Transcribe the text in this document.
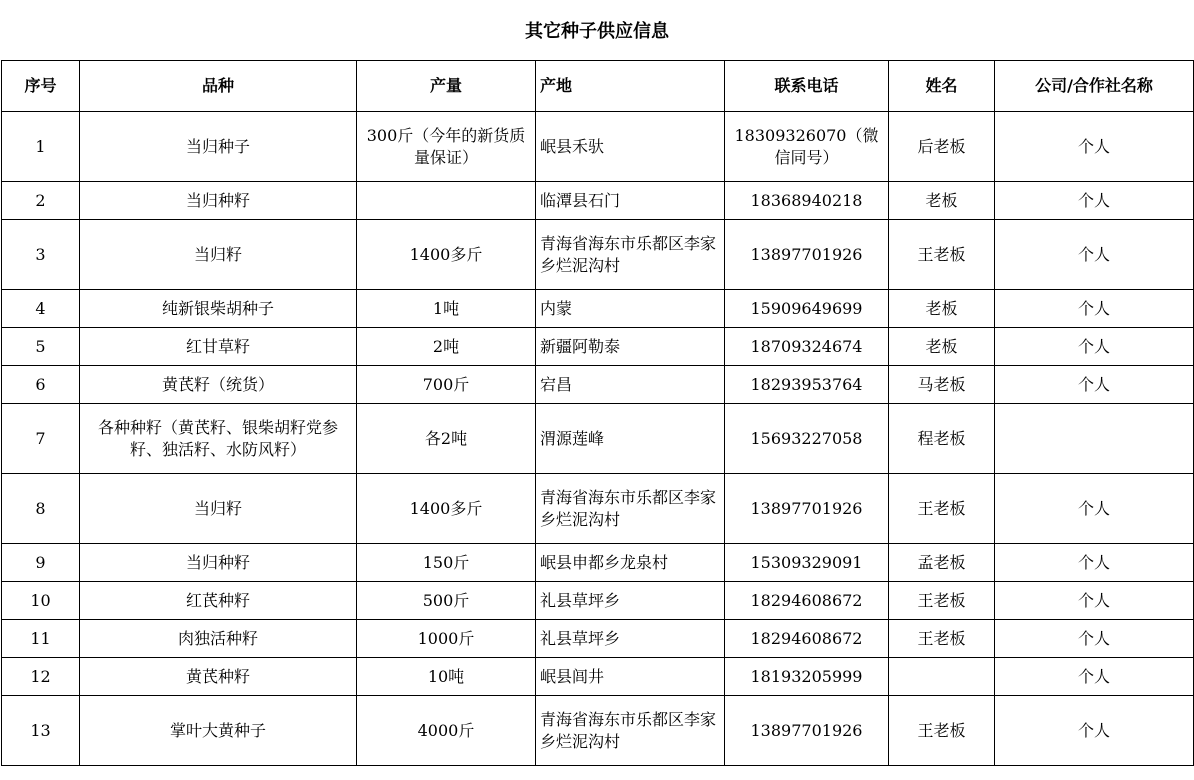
其它种子供应信息
序号	品种	产量	产地	联系电话	姓名	公司/合作社名称
1	当归种子	300斤（今年的新货质量保证）	岷县禾驮	18309326070（微信同号）	后老板	个人
2	当归种籽		临潭县石门	18368940218	老板	个人
3	当归籽	1400多斤	青海省海东市乐都区李家乡烂泥沟村	13897701926	王老板	个人
4	纯新银柴胡种子	1吨	内蒙	15909649699	老板	个人
5	红甘草籽	2吨	新疆阿勒泰	18709324674	老板	个人
6	黄芪籽（统货）	700斤	宕昌	18293953764	马老板	个人
7	各种种籽（黄芪籽、银柴胡籽党参籽、独活籽、水防风籽）	各2吨	渭源莲峰	15693227058	程老板	
8	当归籽	1400多斤	青海省海东市乐都区李家乡烂泥沟村	13897701926	王老板	个人
9	当归种籽	150斤	岷县申都乡龙泉村	15309329091	孟老板	个人
10	红芪种籽	500斤	礼县草坪乡	18294608672	王老板	个人
11	肉独活种籽	1000斤	礼县草坪乡	18294608672	王老板	个人
12	黄芪种籽	10吨	岷县闾井	18193205999		个人
13	掌叶大黄种子	4000斤	青海省海东市乐都区李家乡烂泥沟村	13897701926	王老板	个人
